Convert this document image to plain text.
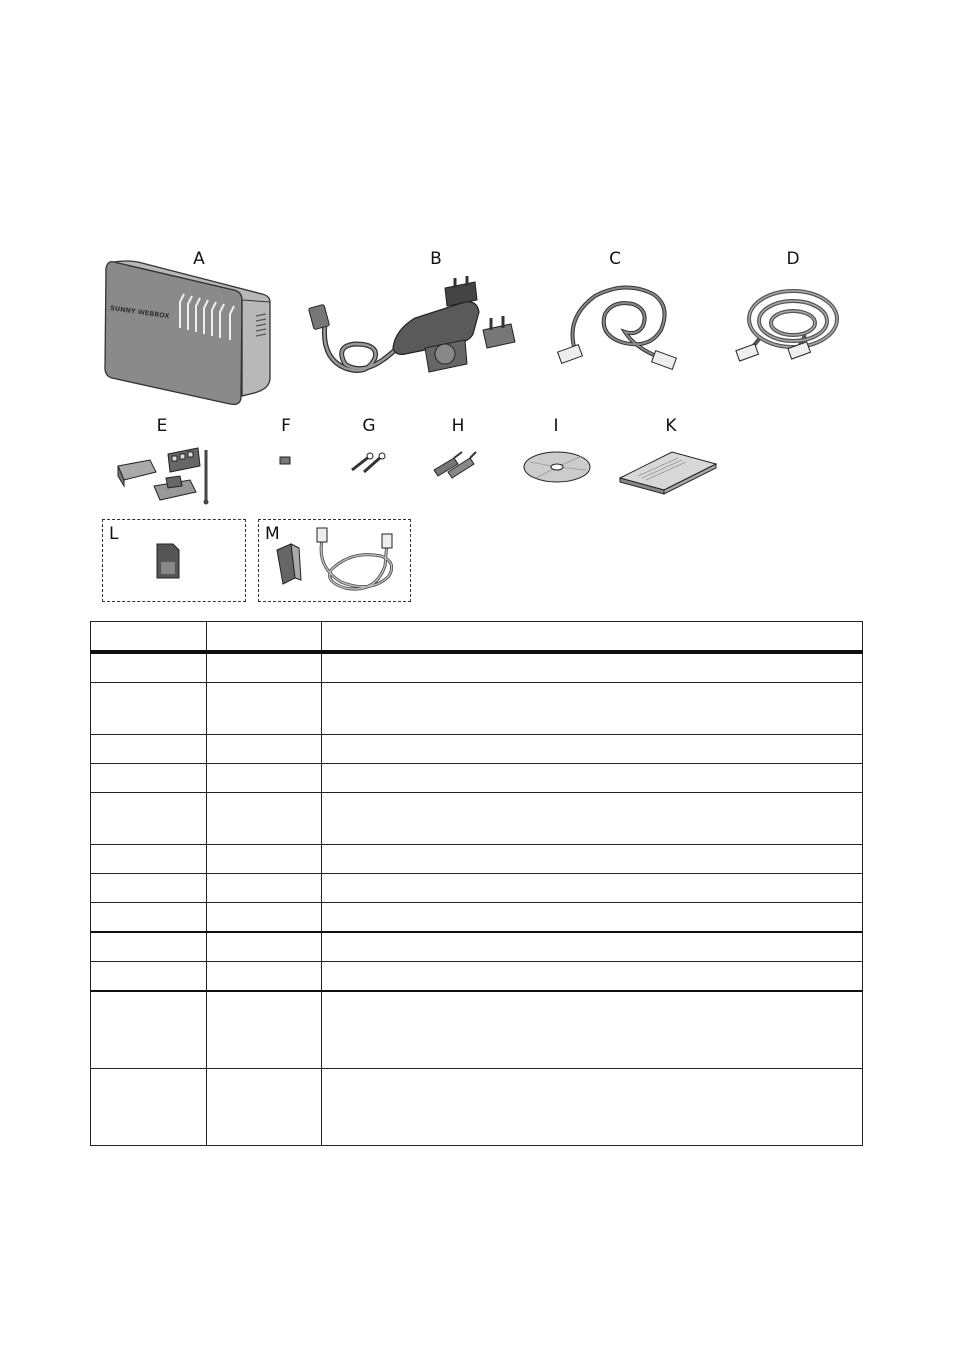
A	B	C	D
E	F	G	H	I	K
SUNNY WEBBOX
L	M
